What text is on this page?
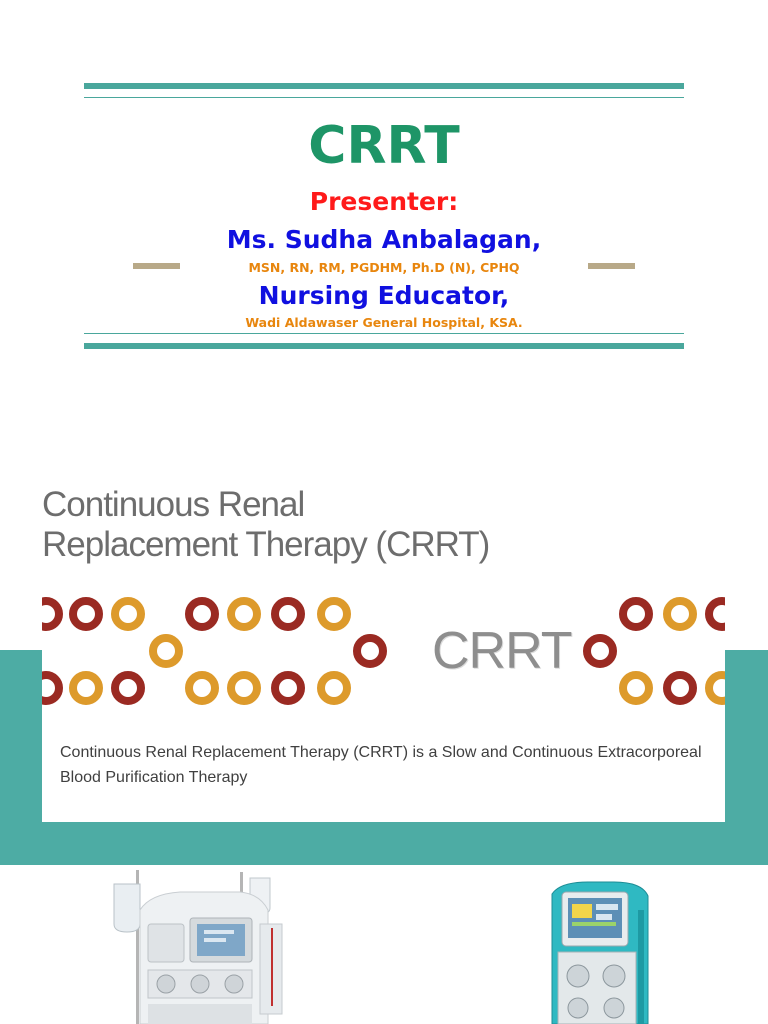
CRRT
Presenter:
Ms. Sudha Anbalagan,
MSN, RN, RM, PGDHM, Ph.D (N), CPHQ
Nursing Educator,
Wadi Aldawaser General Hospital, KSA.
Continuous Renal
Replacement Therapy (CRRT)
CRRT
Continuous Renal Replacement Therapy (CRRT) is a Slow and Continuous Extracorporeal Blood Purification Therapy
